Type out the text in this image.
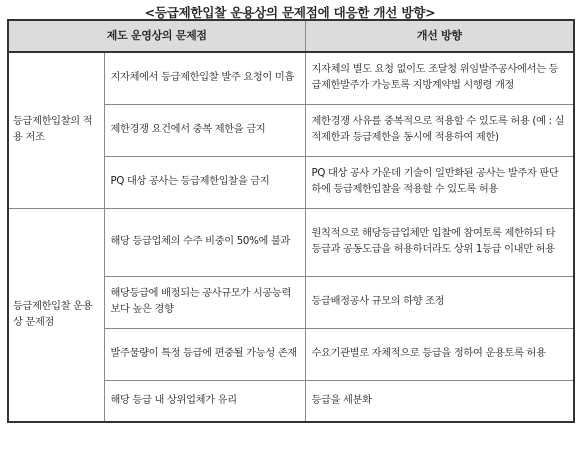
<등급제한입찰 운용상의 문제점에 대응한 개선 방향>
제도 운영상의 문제점		개선 방향
등급제한입찰의 적용 저조	지자체에서 등급제한입찰 발주 요청이 미흡	지자체의 별도 요청 없이도 조달청 위임발주공사에서는 등급제한발주가 가능토록 지방계약법 시행령 개정
	제한경쟁 요건에서 중복 제한을 금지	제한경쟁 사유를 중복적으로 적용할 수 있도록 허용 (예 : 실적제한과 등급제한을 동시에 적용하여 제한)
	PQ 대상 공사는 등급제한입찰을 금지	PQ 대상 공사 가운데 기술이 일반화된 공사는 발주자 판단하에 등급제한입찰을 적용할 수 있도록 허용
등급제한입찰 운용상 문제점	해당 등급업체의 수주 비중이 50%에 불과	원칙적으로 해당등급업체만 입찰에 참여토록 제한하되 타 등급과 공동도급을 허용하더라도 상위 1등급 이내만 허용
	해당등급에 배정되는 공사규모가 시공능력보다 높은 경향	등급배정공사 규모의 하향 조정
	발주물량이 특정 등급에 편중될 가능성 존재	수요기관별로 자체적으로 등급을 정하여 운용토록 허용
	해당 등급 내 상위업체가 유리	등급을 세분화
